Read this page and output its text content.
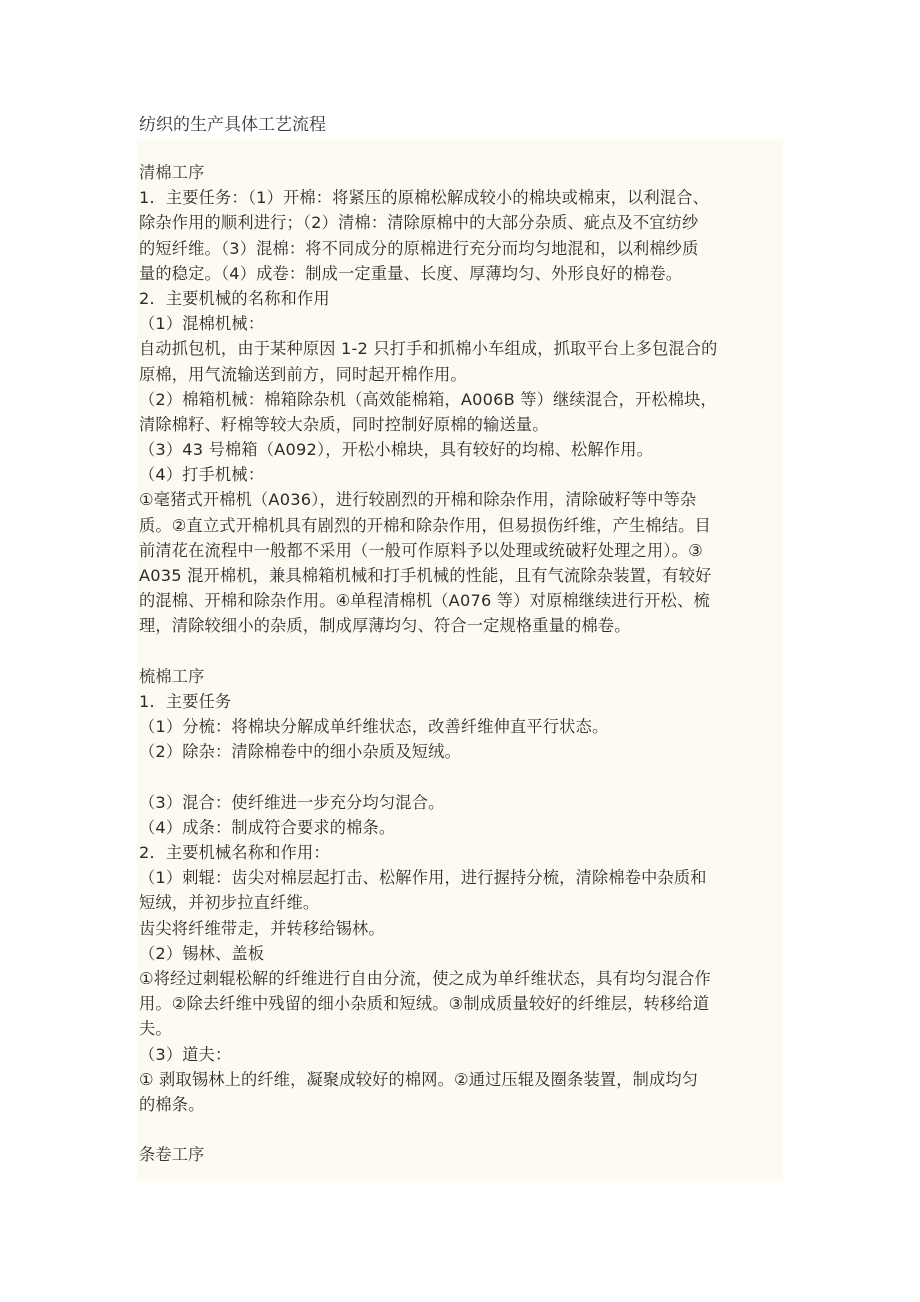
纺织的生产具体工艺流程
清棉工序
1．主要任务：（1）开棉：将紧压的原棉松解成较小的棉块或棉束，以利混合、
除杂作用的顺利进行；（2）清棉：清除原棉中的大部分杂质、疵点及不宜纺纱
的短纤维。（3）混棉：将不同成分的原棉进行充分而均匀地混和，以利棉纱质
量的稳定。（4）成卷：制成一定重量、长度、厚薄均匀、外形良好的棉卷。
2．主要机械的名称和作用
（1）混棉机械：
自动抓包机，由于某种原因 1-2 只打手和抓棉小车组成，抓取平台上多包混合的
原棉，用气流输送到前方，同时起开棉作用。
（2）棉箱机械：棉箱除杂机（高效能棉箱，A006B 等）继续混合，开松棉块，
清除棉籽、籽棉等较大杂质，同时控制好原棉的输送量。
（3）43 号棉箱（A092），开松小棉块，具有较好的均棉、松解作用。
（4）打手机械：
①毫猪式开棉机（A036），进行较剧烈的开棉和除杂作用，清除破籽等中等杂
质。②直立式开棉机具有剧烈的开棉和除杂作用，但易损伤纤维，产生棉结。目
前清花在流程中一般都不采用（一般可作原料予以处理或统破籽处理之用）。③
A035 混开棉机，兼具棉箱机械和打手机械的性能，且有气流除杂装置，有较好
的混棉、开棉和除杂作用。④单程清棉机（A076 等）对原棉继续进行开松、梳
理，清除较细小的杂质，制成厚薄均匀、符合一定规格重量的棉卷。
梳棉工序
1．主要任务
（1）分梳：将棉块分解成单纤维状态，改善纤维伸直平行状态。
（2）除杂：清除棉卷中的细小杂质及短绒。
（3）混合：使纤维进一步充分均匀混合。
（4）成条：制成符合要求的棉条。
2．主要机械名称和作用：
（1）刺辊：齿尖对棉层起打击、松解作用，进行握持分梳，清除棉卷中杂质和
短绒，并初步拉直纤维。
齿尖将纤维带走，并转移给锡林。
（2）锡林、盖板
①将经过刺辊松解的纤维进行自由分流，使之成为单纤维状态，具有均匀混合作
用。②除去纤维中残留的细小杂质和短绒。③制成质量较好的纤维层，转移给道
夫。
（3）道夫：
① 剥取锡林上的纤维，凝聚成较好的棉网。②通过压辊及圈条装置，制成均匀
的棉条。
条卷工序
